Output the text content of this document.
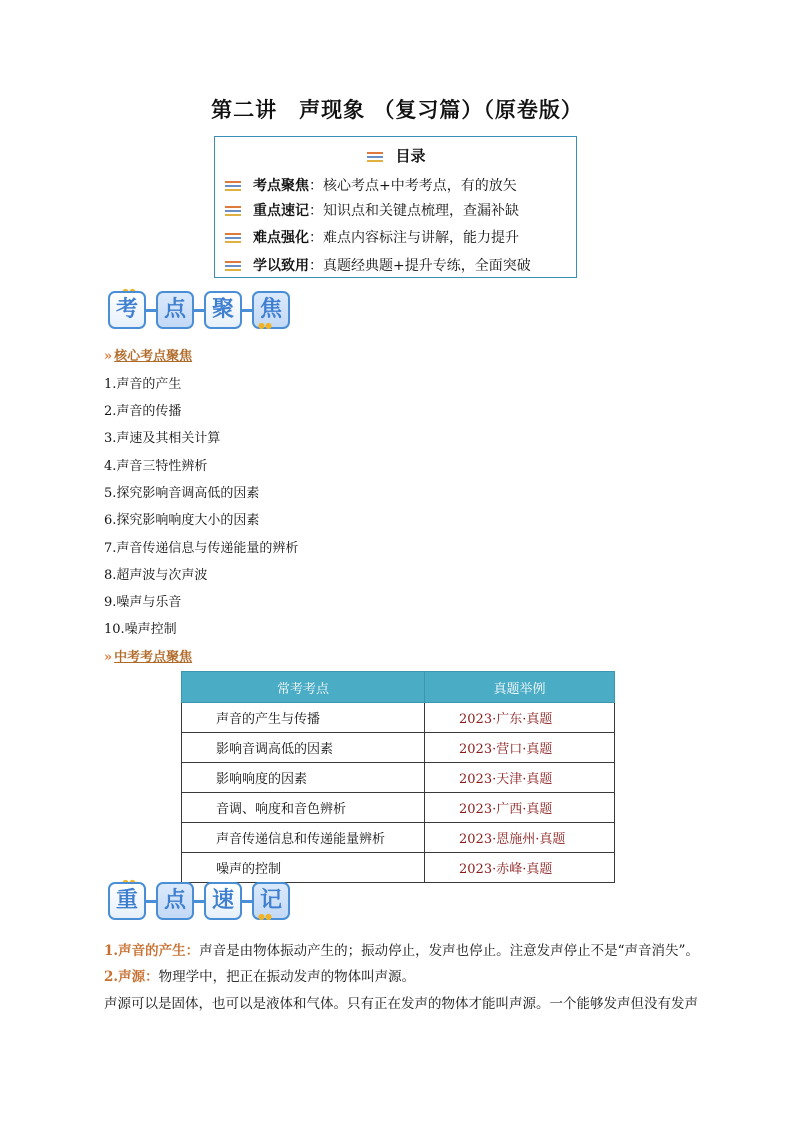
第二讲　声现象 （复习篇）（原卷版）
目录
考点聚焦：核心考点+中考考点，有的放矢
重点速记：知识点和关键点梳理，查漏补缺
难点强化：难点内容标注与讲解，能力提升
学以致用：真题经典题+提升专练，全面突破
考	点	聚	焦
●●
» 核心考点聚焦
1.声音的产生
2.声音的传播
3.声速及其相关计算
4.声音三特性辨析
5.探究影响音调高低的因素
6.探究影响响度大小的因素
7.声音传递信息与传递能量的辨析
8.超声波与次声波
9.噪声与乐音
10.噪声控制
» 中考考点聚焦
常考考点	真题举例
声音的产生与传播	2023·广东·真题
影响音调高低的因素	2023·营口·真题
影响响度的因素	2023·天津·真题
音调、响度和音色辨析	2023·广西·真题
声音传递信息和传递能量辨析	2023·恩施州·真题
噪声的控制	2023·赤峰·真题
重	点	速	记
●●
1.声音的产生：声音是由物体振动产生的；振动停止，发声也停止。注意发声停止不是“声音消失”。
2.声源：物理学中，把正在振动发声的物体叫声源。
声源可以是固体，也可以是液体和气体。只有正在发声的物体才能叫声源。一个能够发声但没有发声
